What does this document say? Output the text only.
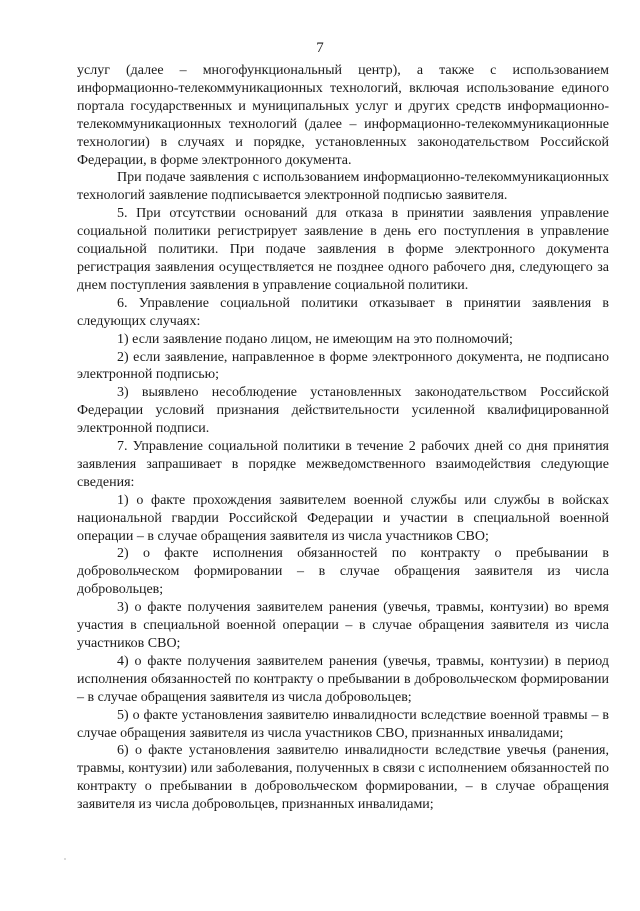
7

услуг (далее – многофункциональный центр), а также с использованием информационно-телекоммуникационных технологий, включая использование единого портала государственных и муниципальных услуг и других средств информационно-телекоммуникационных технологий (далее – информационно-телекоммуникационные технологии) в случаях и порядке, установленных законодательством Российской Федерации, в форме электронного документа.

При подаче заявления с использованием информационно-телекоммуникационных технологий заявление подписывается электронной подписью заявителя.

5. При отсутствии оснований для отказа в принятии заявления управление социальной политики регистрирует заявление в день его поступления в управление социальной политики. При подаче заявления в форме электронного документа регистрация заявления осуществляется не позднее одного рабочего дня, следующего за днем поступления заявления в управление социальной политики.

6. Управление социальной политики отказывает в принятии заявления в следующих случаях:

1) если заявление подано лицом, не имеющим на это полномочий;

2) если заявление, направленное в форме электронного документа, не подписано электронной подписью;

3) выявлено несоблюдение установленных законодательством Российской Федерации условий признания действительности усиленной квалифицированной электронной подписи.

7. Управление социальной политики в течение 2 рабочих дней со дня принятия заявления запрашивает в порядке межведомственного взаимодействия следующие сведения:

1) о факте прохождения заявителем военной службы или службы в войсках национальной гвардии Российской Федерации и участии в специальной военной операции – в случае обращения заявителя из числа участников СВО;

2) о факте исполнения обязанностей по контракту о пребывании в добровольческом формировании – в случае обращения заявителя из числа добровольцев;

3) о факте получения заявителем ранения (увечья, травмы, контузии) во время участия в специальной военной операции – в случае обращения заявителя из числа участников СВО;

4) о факте получения заявителем ранения (увечья, травмы, контузии) в период исполнения обязанностей по контракту о пребывании в добровольческом формировании – в случае обращения заявителя из числа добровольцев;

5) о факте установления заявителю инвалидности вследствие военной травмы – в случае обращения заявителя из числа участников СВО, признанных инвалидами;

6) о факте установления заявителю инвалидности вследствие увечья (ранения, травмы, контузии) или заболевания, полученных в связи с исполнением обязанностей по контракту о пребывании в добровольческом формировании, – в случае обращения заявителя из числа добровольцев, признанных инвалидами;
